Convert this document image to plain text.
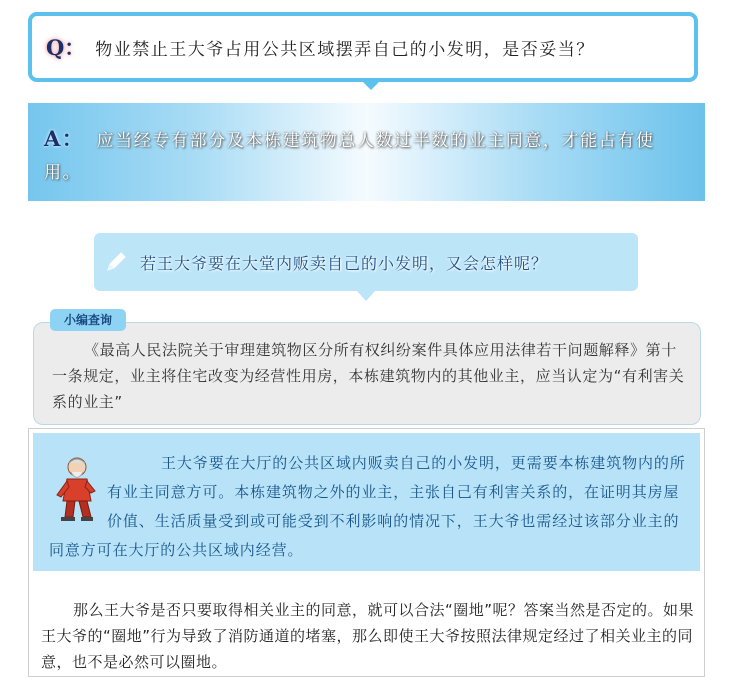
Q： 物业禁止王大爷占用公共区域摆弄自己的小发明，是否妥当？
A： 应当经专有部分及本栋建筑物总人数过半数的业主同意，才能占有使用。
若王大爷要在大堂内贩卖自己的小发明，又会怎样呢？
小编查询
《最高人民法院关于审理建筑物区分所有权纠纷案件具体应用法律若干问题解释》第十一条规定，业主将住宅改变为经营性用房，本栋建筑物内的其他业主，应当认定为“有利害关系的业主”
王大爷要在大厅的公共区域内贩卖自己的小发明，更需要本栋建筑物内的所有业主同意方可。本栋建筑物之外的业主，主张自己有利害关系的，在证明其房屋价值、生活质量受到或可能受到不利影响的情况下，王大爷也需经过该部分业主的同意方可在大厅的公共区域内经营。
那么王大爷是否只要取得相关业主的同意，就可以合法“圈地”呢？答案当然是否定的。如果王大爷的“圈地”行为导致了消防通道的堵塞，那么即使王大爷按照法律规定经过了相关业主的同意，也不是必然可以圈地。
